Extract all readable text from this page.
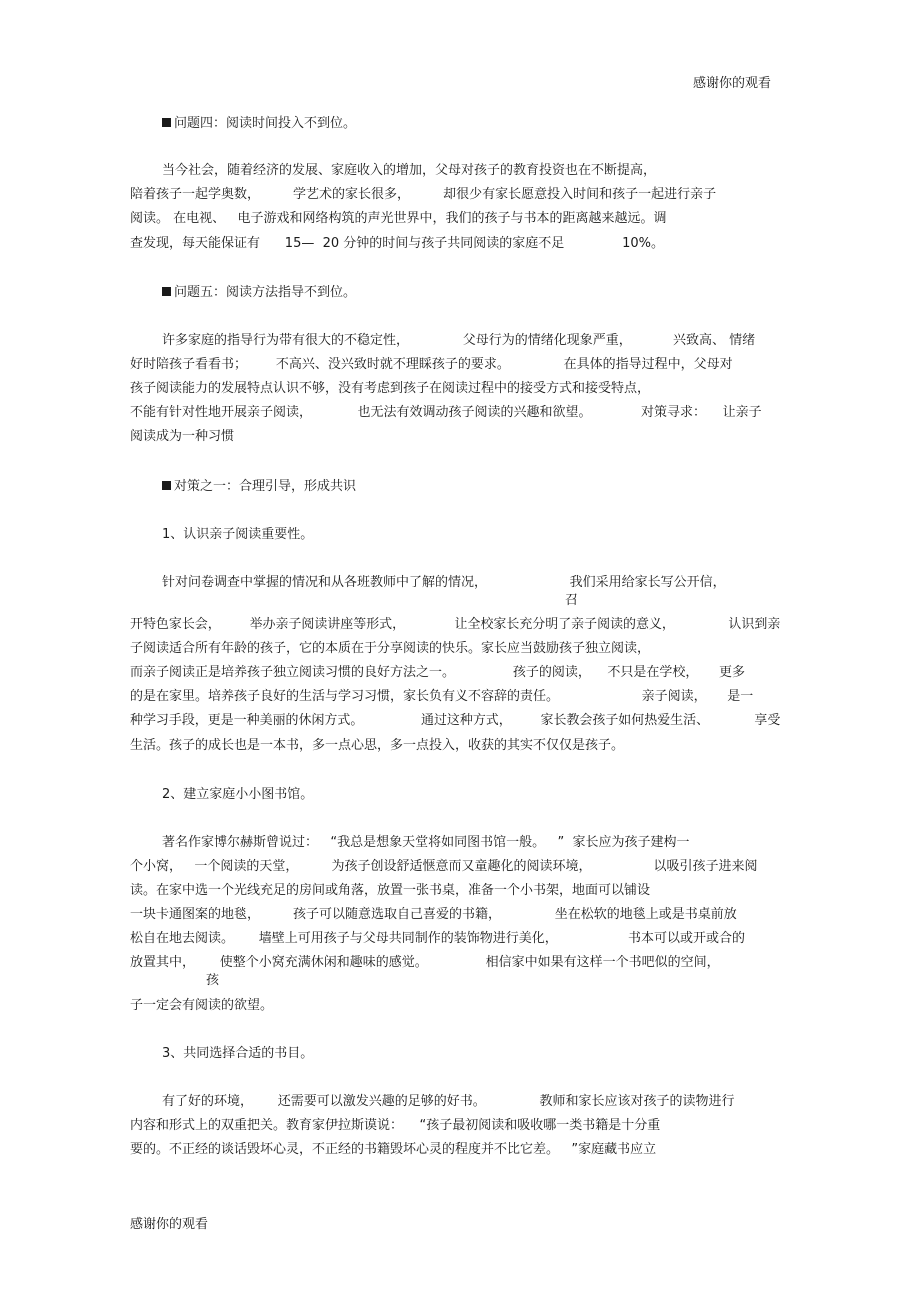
感谢你的观看
问题四：阅读时间投入不到位。
当今社会，随着经济的发展、家庭收入的增加，父母对孩子的教育投资也在不断提高，
陪着孩子一起学奥数，        学艺术的家长很多，        却很少有家长愿意投入时间和孩子一起进行亲子
阅读。 在电视、   电子游戏和网络构筑的声光世界中，我们的孩子与书本的距离越来越远。调
查发现，每天能保证有      15—  20 分钟的时间与孩子共同阅读的家庭不足              10%。
问题五：阅读方法指导不到位。
许多家庭的指导行为带有很大的不稳定性，             父母行为的情绪化现象严重，          兴致高、 情绪
好时陪孩子看看书；       不高兴、没兴致时就不理睬孩子的要求。             在具体的指导过程中，父母对
孩子阅读能力的发展特点认识不够，没有考虑到孩子在阅读过程中的接受方式和接受特点，
不能有针对性地开展亲子阅读，           也无法有效调动孩子阅读的兴趣和欲望。            对策寻求：    让亲子
阅读成为一种习惯
对策之一：合理引导，形成共识
1、认识亲子阅读重要性。
针对问卷调查中掌握的情况和从各班教师中了解的情况，                    我们采用给家长写公开信，
召
开特色家长会，       举办亲子阅读讲座等形式，            让全校家长充分明了亲子阅读的意义，             认识到亲
子阅读适合所有年龄的孩子，它的本质在于分享阅读的快乐。家长应当鼓励孩子独立阅读，
而亲子阅读正是培养孩子独立阅读习惯的良好方法之一。              孩子的阅读，    不只是在学校，     更多
的是在家里。培养孩子良好的生活与学习习惯，家长负有义不容辞的责任。                    亲子阅读，     是一
种学习手段，更是一种美丽的休闲方式。              通过这种方式，       家长教会孩子如何热爱生活、           享受
生活。孩子的成长也是一本书，多一点心思，多一点投入，收获的其实不仅仅是孩子。
2、建立家庭小小图书馆。
著名作家博尔赫斯曾说过：   “我总是想象天堂将如同图书馆一般。   ”  家长应为孩子建构一
个小窝，   一个阅读的天堂，        为孩子创设舒适惬意而又童趣化的阅读环境，               以吸引孩子进来阅
读。在家中选一个光线充足的房间或角落，放置一张书桌，准备一个小书架，地面可以铺设
一块卡通图案的地毯，        孩子可以随意选取自己喜爱的书籍，             坐在松软的地毯上或是书桌前放
松自在地去阅读。      墙壁上可用孩子与父母共同制作的装饰物进行美化，                 书本可以或开或合的
放置其中，      使整个小窝充满休闲和趣味的感觉。              相信家中如果有这样一个书吧似的空间，
孩
子一定会有阅读的欲望。
3、共同选择合适的书目。
有了好的环境，      还需要可以激发兴趣的足够的好书。             教师和家长应该对孩子的读物进行
内容和形式上的双重把关。教育家伊拉斯谟说：    “孩子最初阅读和吸收哪一类书籍是十分重
要的。不正经的谈话毁坏心灵，不正经的书籍毁坏心灵的程度并不比它差。   ”家庭藏书应立
感谢你的观看
